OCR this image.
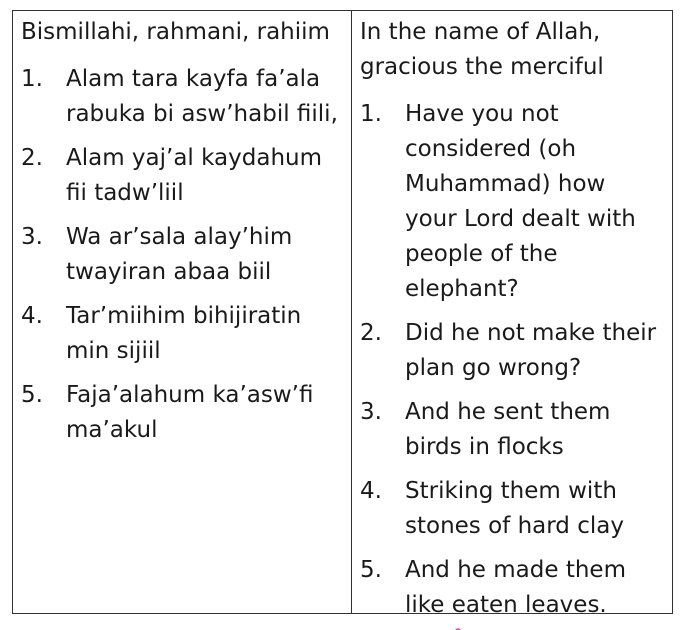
Bismillahi, rahmani, rahiim
1.	Alam tara kayfa fa’ala rabuka bi asw’habil fiili,
2.	Alam yaj’al kaydahum fii tadw’liil
3.	Wa ar’sala alay’him twayiran abaa biil
4.	Tar’miihim bihijiratin min sijiil
5.	Faja’alahum ka’asw’fi ma’akul
In the name of Allah, gracious the merciful
1.	Have you not considered (oh Muhammad) how your Lord dealt with people of the elephant?
2.	Did he not make their plan go wrong?
3.	And he sent them birds in flocks
4.	Striking them with stones of hard clay
5.	And he made them like eaten leaves.
